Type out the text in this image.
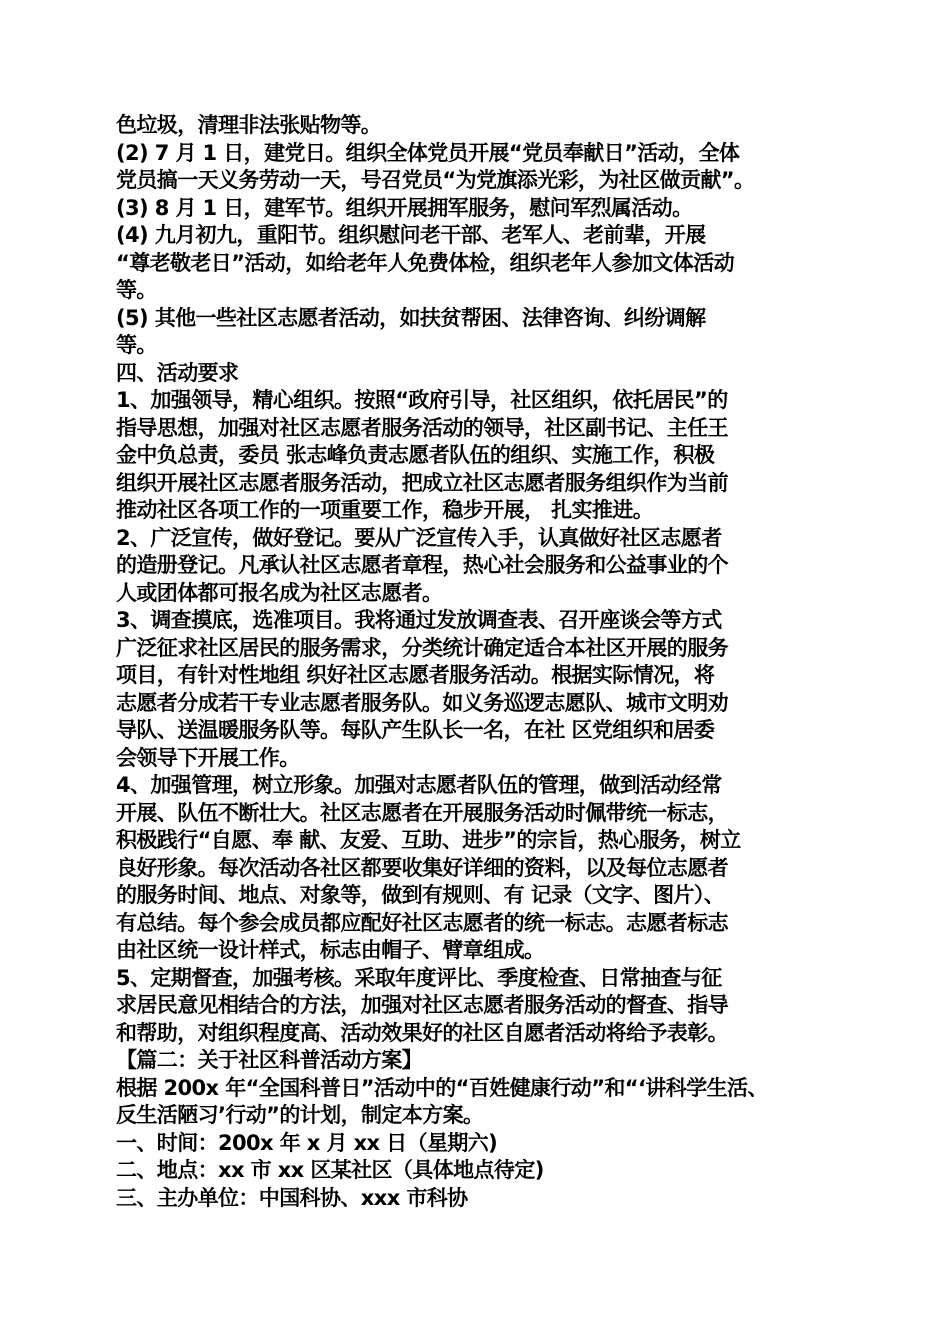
色垃圾，清理非法张贴物等。
(2) 7 月 1 日，建党日。组织全体党员开展“党员奉献日”活动，全体
党员搞一天义务劳动一天，号召党员“为党旗添光彩，为社区做贡献”。
(3) 8 月 1 日，建军节。组织开展拥军服务，慰问军烈属活动。
(4) 九月初九，重阳节。组织慰问老干部、老军人、老前辈，开展
“尊老敬老日”活动，如给老年人免费体检，组织老年人参加文体活动
等。
(5) 其他一些社区志愿者活动，如扶贫帮困、法律咨询、纠纷调解
等。
四、活动要求
1、加强领导，精心组织。按照“政府引导，社区组织，依托居民”的
指导思想，加强对社区志愿者服务活动的领导，社区副书记、主任王
金中负总责，委员 张志峰负责志愿者队伍的组织、实施工作，积极
组织开展社区志愿者服务活动，把成立社区志愿者服务组织作为当前
推动社区各项工作的一项重要工作，稳步开展， 扎实推进。
2、广泛宣传，做好登记。要从广泛宣传入手，认真做好社区志愿者
的造册登记。凡承认社区志愿者章程，热心社会服务和公益事业的个
人或团体都可报名成为社区志愿者。
3、调查摸底，选准项目。我将通过发放调查表、召开座谈会等方式
广泛征求社区居民的服务需求，分类统计确定适合本社区开展的服务
项目，有针对性地组 织好社区志愿者服务活动。根据实际情况，将
志愿者分成若干专业志愿者服务队。如义务巡逻志愿队、城市文明劝
导队、送温暖服务队等。每队产生队长一名，在社 区党组织和居委
会领导下开展工作。
4、加强管理，树立形象。加强对志愿者队伍的管理，做到活动经常
开展、队伍不断壮大。社区志愿者在开展服务活动时佩带统一标志，
积极践行“自愿、奉 献、友爱、互助、进步”的宗旨，热心服务，树立
良好形象。每次活动各社区都要收集好详细的资料，以及每位志愿者
的服务时间、地点、对象等，做到有规则、有 记录（文字、图片）、
有总结。每个参会成员都应配好社区志愿者的统一标志。志愿者标志
由社区统一设计样式，标志由帽子、臂章组成。
5、定期督查，加强考核。采取年度评比、季度检查、日常抽查与征
求居民意见相结合的方法，加强对社区志愿者服务活动的督查、指导
和帮助，对组织程度高、活动效果好的社区自愿者活动将给予表彰。
【篇二：关于社区科普活动方案】
根据 200x 年“全国科普日”活动中的“百姓健康行动”和“‘讲科学生活、
反生活陋习’行动”的计划，制定本方案。
一、时间：200x 年 x 月 xx 日（星期六)
二、地点：xx 市 xx 区某社区（具体地点待定)
三、主办单位：中国科协、xxx 市科协
